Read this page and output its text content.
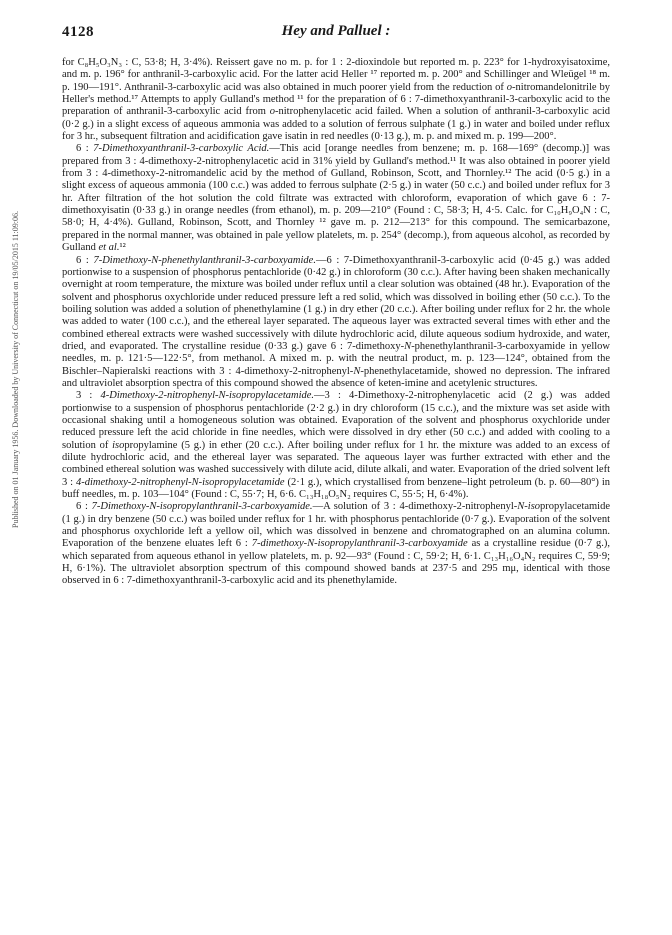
4128	Hey and Palluel :
Published on 01 January 1956. Downloaded by University of Connecticut on 19/05/2015 11:09:06.

for C₈H₅O₃N₃ : C, 53·8; H, 3·4%). Reissert gave no m. p. for 1 : 2-dioxindole but reported m. p. 223° for 1-hydroxyisatoxime, and m. p. 196° for anthranil-3-carboxylic acid. For the latter acid Heller ¹⁷ reported m. p. 200° and Schillinger and Wleügel ¹⁸ m. p. 190—191°. Anthranil-3-carboxylic acid was also obtained in much poorer yield from the reduction of o-nitromandelonitrile by Heller's method.¹⁷ Attempts to apply Gulland's method ¹¹ for the preparation of 6 : 7-dimethoxyanthranil-3-carboxylic acid to the preparation of anthranil-3-carboxylic acid from o-nitrophenylacetic acid failed. When a solution of anthranil-3-carboxylic acid (0·2 g.) in a slight excess of aqueous ammonia was added to a solution of ferrous sulphate (1 g.) in water and boiled under reflux for 3 hr., subsequent filtration and acidification gave isatin in red needles (0·13 g.), m. p. and mixed m. p. 199—200°.

6 : 7-Dimethoxyanthranil-3-carboxylic Acid.—This acid [orange needles from benzene; m. p. 168—169° (decomp.)] was prepared from 3 : 4-dimethoxy-2-nitrophenylacetic acid in 31% yield by Gulland's method.¹¹ It was also obtained in poorer yield from 3 : 4-dimethoxy-2-nitromandelic acid by the method of Gulland, Robinson, Scott, and Thornley.¹² The acid (0·5 g.) in a slight excess of aqueous ammonia (100 c.c.) was added to ferrous sulphate (2·5 g.) in water (50 c.c.) and boiled under reflux for 3 hr. After filtration of the hot solution the cold filtrate was extracted with chloroform, evaporation of which gave 6 : 7-dimethoxyisatin (0·33 g.) in orange needles (from ethanol), m. p. 209—210° (Found : C, 58·3; H, 4·5. Calc. for C₁₀H₉O₄N : C, 58·0; H, 4·4%). Gulland, Robinson, Scott, and Thornley ¹² gave m. p. 212—213° for this compound. The semicarbazone, prepared in the normal manner, was obtained in pale yellow platelets, m. p. 254° (decomp.), from aqueous alcohol, as recorded by Gulland et al.¹²

6 : 7-Dimethoxy-N-phenethylanthranil-3-carboxyamide.—6 : 7-Dimethoxyanthranil-3-carboxylic acid (0·45 g.) was added portionwise to a suspension of phosphorus pentachloride (0·42 g.) in chloroform (30 c.c.). After having been shaken mechanically overnight at room temperature, the mixture was boiled under reflux until a clear solution was obtained (48 hr.). Evaporation of the solvent and phosphorus oxychloride under reduced pressure left a red solid, which was dissolved in boiling ether (50 c.c.). To the boiling solution was added a solution of phenethylamine (1 g.) in dry ether (20 c.c.). After boiling under reflux for 2 hr. the whole was added to water (100 c.c.), and the ethereal layer separated. The aqueous layer was extracted several times with ether and the combined ethereal extracts were washed successively with dilute hydrochloric acid, dilute aqueous sodium hydroxide, and water, dried, and evaporated. The crystalline residue (0·33 g.) gave 6 : 7-dimethoxy-N-phenethylanthranil-3-carboxyamide in yellow needles, m. p. 121·5—122·5°, from methanol. A mixed m. p. with the neutral product, m. p. 123—124°, obtained from the Bischler–Napieralski reactions with 3 : 4-dimethoxy-2-nitrophenyl-N-phenethylacetamide, showed no depression. The infrared and ultraviolet absorption spectra of this compound showed the absence of keten-imine and acetylenic structures.

3 : 4-Dimethoxy-2-nitrophenyl-N-isopropylacetamide.—3 : 4-Dimethoxy-2-nitrophenylacetic acid (2 g.) was added portionwise to a suspension of phosphorus pentachloride (2·2 g.) in dry chloroform (15 c.c.), and the mixture was set aside with occasional shaking until a homogeneous solution was obtained. Evaporation of the solvent and phosphorus oxychloride under reduced pressure left the acid chloride in fine needles, which were dissolved in dry ether (50 c.c.) and added with cooling to a solution of isopropylamine (5 g.) in ether (20 c.c.). After boiling under reflux for 1 hr. the mixture was added to an excess of dilute hydrochloric acid, and the ethereal layer was separated. The aqueous layer was further extracted with ether and the combined ethereal solution was washed successively with dilute acid, dilute alkali, and water. Evaporation of the dried solvent left 3 : 4-dimethoxy-2-nitrophenyl-N-isopropylacetamide (2·1 g.), which crystallised from benzene–light petroleum (b. p. 60—80°) in buff needles, m. p. 103—104° (Found : C, 55·7; H, 6·6. C₁₃H₁₈O₅N₂ requires C, 55·5; H, 6·4%).

6 : 7-Dimethoxy-N-isopropylanthranil-3-carboxyamide.—A solution of 3 : 4-dimethoxy-2-nitrophenyl-N-isopropylacetamide (1 g.) in dry benzene (50 c.c.) was boiled under reflux for 1 hr. with phosphorus pentachloride (0·7 g.). Evaporation of the solvent and phosphorus oxychloride left a yellow oil, which was dissolved in benzene and chromatographed on an alumina column. Evaporation of the benzene eluates left 6 : 7-dimethoxy-N-isopropylanthranil-3-carboxyamide as a crystalline residue (0·7 g.), which separated from aqueous ethanol in yellow platelets, m. p. 92—93° (Found : C, 59·2; H, 6·1. C₁₃H₁₆O₄N₂ requires C, 59·9; H, 6·1%). The ultraviolet absorption spectrum of this compound showed bands at 237·5 and 295 mμ, identical with those observed in 6 : 7-dimethoxyanthranil-3-carboxylic acid and its phenethylamide.
